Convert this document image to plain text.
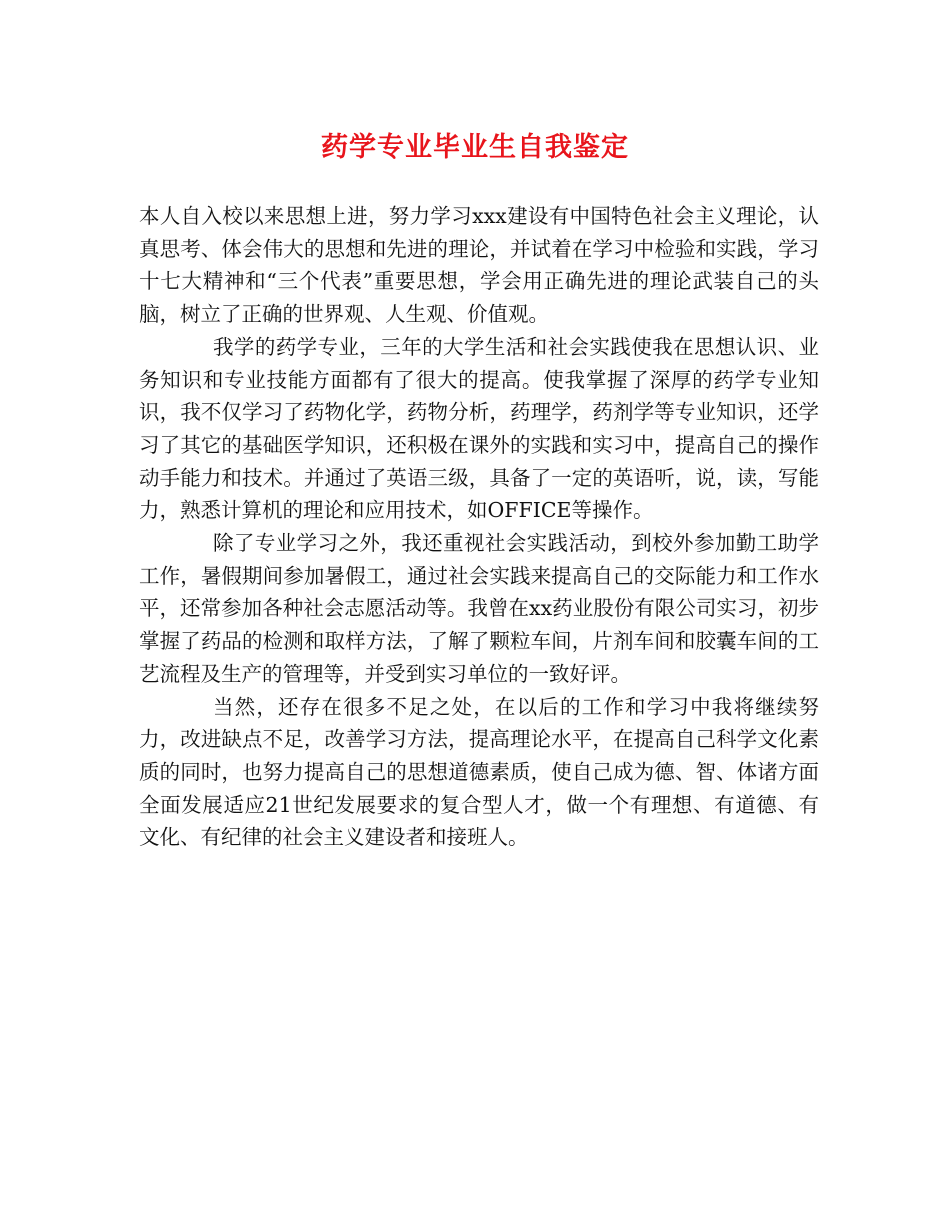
药学专业毕业生自我鉴定

本人自入校以来思想上进，努力学习xxx建设有中国特色社会主义理论，认真思考、体会伟大的思想和先进的理论，并试着在学习中检验和实践，学习十七大精神和“三个代表”重要思想，学会用正确先进的理论武装自己的头脑，树立了正确的世界观、人生观、价值观。

我学的药学专业，三年的大学生活和社会实践使我在思想认识、业务知识和专业技能方面都有了很大的提高。使我掌握了深厚的药学专业知识，我不仅学习了药物化学，药物分析，药理学，药剂学等专业知识，还学习了其它的基础医学知识，还积极在课外的实践和实习中，提高自己的操作动手能力和技术。并通过了英语三级，具备了一定的英语听，说，读，写能力，熟悉计算机的理论和应用技术，如OFFICE等操作。

除了专业学习之外，我还重视社会实践活动，到校外参加勤工助学工作，暑假期间参加暑假工，通过社会实践来提高自己的交际能力和工作水平，还常参加各种社会志愿活动等。我曾在xx药业股份有限公司实习，初步掌握了药品的检测和取样方法，了解了颗粒车间，片剂车间和胶囊车间的工艺流程及生产的管理等，并受到实习单位的一致好评。

当然，还存在很多不足之处，在以后的工作和学习中我将继续努力，改进缺点不足，改善学习方法，提高理论水平，在提高自己科学文化素质的同时，也努力提高自己的思想道德素质，使自己成为德、智、体诸方面全面发展适应21世纪发展要求的复合型人才，做一个有理想、有道德、有文化、有纪律的社会主义建设者和接班人。
